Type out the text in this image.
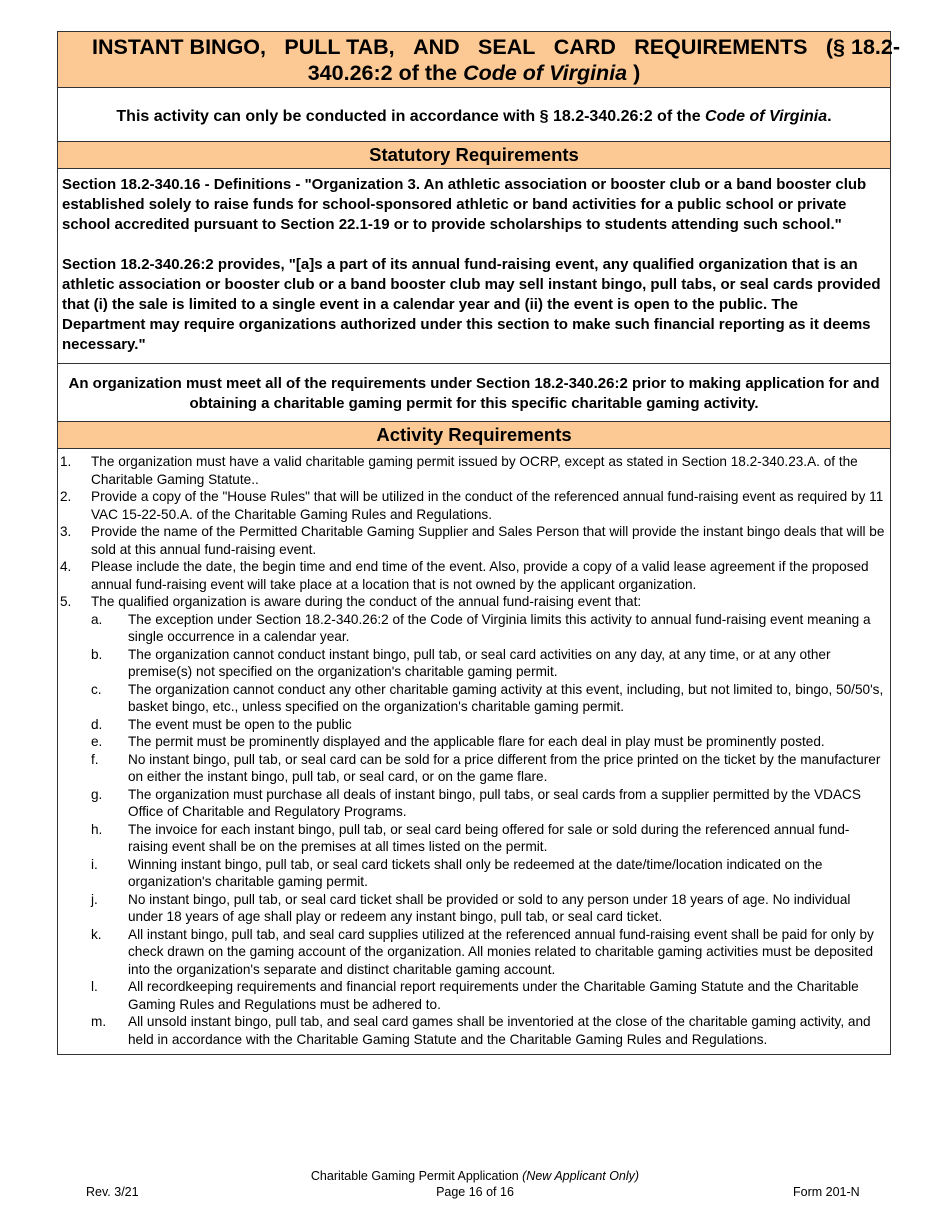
INSTANT BINGO, PULL TAB, AND SEAL CARD REQUIREMENTS (§ 18.2-
340.26:2 of the Code of Virginia )
This activity can only be conducted in accordance with § 18.2-340.26:2 of the Code of Virginia.
Statutory Requirements

Section 18.2-340.16 - Definitions - "Organization 3. An athletic association or booster club or a band booster club established solely to raise funds for school-sponsored athletic or band activities for a public school or private school accredited pursuant to Section 22.1-19 or to provide scholarships to students attending such school."

Section 18.2-340.26:2 provides, "[a]s a part of its annual fund-raising event, any qualified organization that is an athletic association or booster club or a band booster club may sell instant bingo, pull tabs, or seal cards provided that (i) the sale is limited to a single event in a calendar year and (ii) the event is open to the public. The Department may require organizations authorized under this section to make such financial reporting as it deems necessary."

An organization must meet all of the requirements under Section 18.2-340.26:2 prior to making application for and obtaining a charitable gaming permit for this specific charitable gaming activity.
Activity Requirements
1.	The organization must have a valid charitable gaming permit issued by OCRP, except as stated in Section 18.2-340.23.A. of the Charitable Gaming Statute..
2.	Provide a copy of the "House Rules" that will be utilized in the conduct of the referenced annual fund-raising event as required by 11 VAC 15-22-50.A. of the Charitable Gaming Rules and Regulations.
3.	Provide the name of the Permitted Charitable Gaming Supplier and Sales Person that will provide the instant bingo deals that will be sold at this annual fund-raising event.
4.	Please include the date, the begin time and end time of the event. Also, provide a copy of a valid lease agreement if the proposed annual fund-raising event will take place at a location that is not owned by the applicant organization.
5.	The qualified organization is aware during the conduct of the annual fund-raising event that:
a.	The exception under Section 18.2-340.26:2 of the Code of Virginia limits this activity to annual fund-raising event meaning a single occurrence in a calendar year.
b.	The organization cannot conduct instant bingo, pull tab, or seal card activities on any day, at any time, or at any other premise(s) not specified on the organization's charitable gaming permit.
c.	The organization cannot conduct any other charitable gaming activity at this event, including, but not limited to, bingo, 50/50's, basket bingo, etc., unless specified on the organization's charitable gaming permit.
d.	The event must be open to the public
e.	The permit must be prominently displayed and the applicable flare for each deal in play must be prominently posted.
f.	No instant bingo, pull tab, or seal card can be sold for a price different from the price printed on the ticket by the manufacturer on either the instant bingo, pull tab, or seal card, or on the game flare.
g.	The organization must purchase all deals of instant bingo, pull tabs, or seal cards from a supplier permitted by the VDACS Office of Charitable and Regulatory Programs.
h.	The invoice for each instant bingo, pull tab, or seal card being offered for sale or sold during the referenced annual fund-raising event shall be on the premises at all times listed on the permit.
i.	Winning instant bingo, pull tab, or seal card tickets shall only be redeemed at the date/time/location indicated on the organization's charitable gaming permit.
j.	No instant bingo, pull tab, or seal card ticket shall be provided or sold to any person under 18 years of age. No individual under 18 years of age shall play or redeem any instant bingo, pull tab, or seal card ticket.
k.	All instant bingo, pull tab, and seal card supplies utilized at the referenced annual fund-raising event shall be paid for only by check drawn on the gaming account of the organization. All monies related to charitable gaming activities must be deposited into the organization's separate and distinct charitable gaming account.
l.	All recordkeeping requirements and financial report requirements under the Charitable Gaming Statute and the Charitable Gaming Rules and Regulations must be adhered to.
m.	All unsold instant bingo, pull tab, and seal card games shall be inventoried at the close of the charitable gaming activity, and held in accordance with the Charitable Gaming Statute and the Charitable Gaming Rules and Regulations.
Charitable Gaming Permit Application (New Applicant Only)
Page 16 of 16
Rev. 3/21	Form 201-N
